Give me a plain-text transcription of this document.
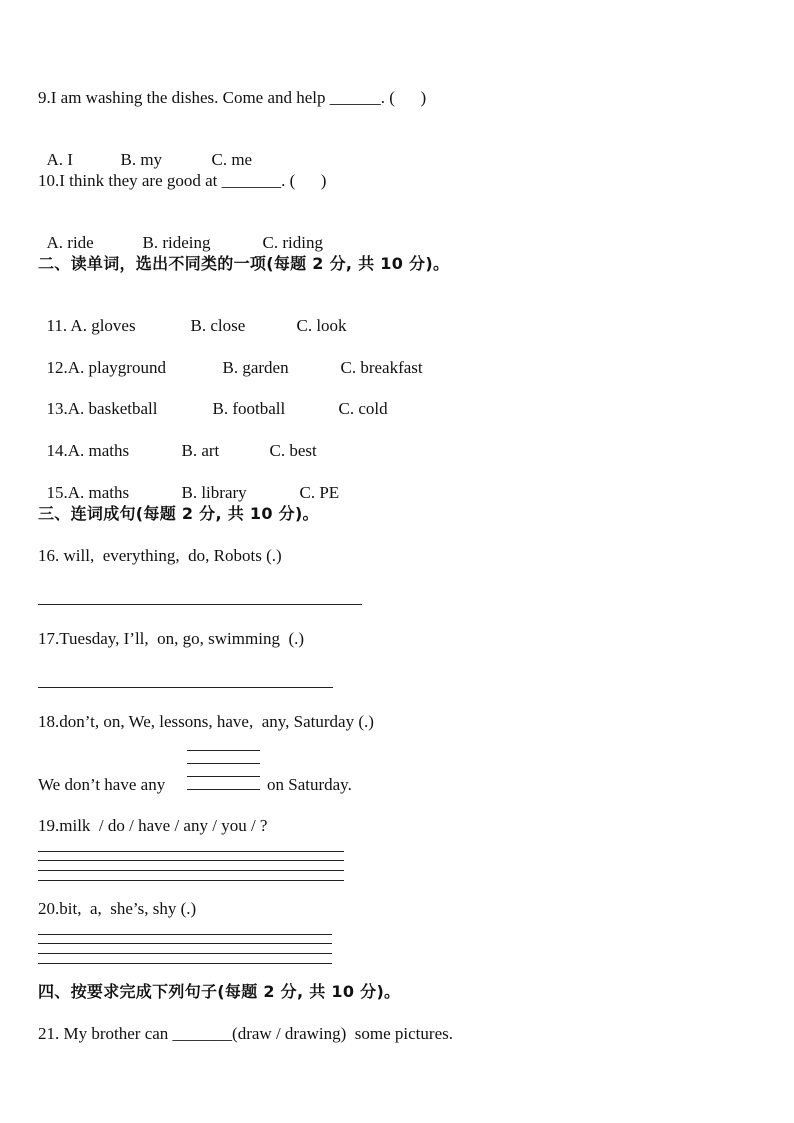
9.I am washing the dishes. Come and help ______. (      )

A. I	B. my	C. me

10.I think they are good at _______. (      )

A. ride	B. rideing	C. riding

二、读单词，选出不同类的一项(每题 2 分, 共 10 分)。

11. A. gloves	B. close	C. look

12.A. playground	B. garden	C. breakfast

13.A. basketball	B. football	C. cold

14.A. maths	B. art	C. best

15.A. maths	B. library	C. PE

三、连词成句(每题 2 分, 共 10 分)。
16. will,  everything,  do, Robots (.)
17.Tuesday, I’ll,  on, go, swimming  (.)
18.don’t, on, We, lessons, have,  any, Saturday (.)
We don’t have any	on Saturday.
19.milk  / do / have / any / you / ?
20.bit,  a,  she’s, shy (.)
四、按要求完成下列句子(每题 2 分, 共 10 分)。
21. My brother can _______(draw / drawing)  some pictures.
